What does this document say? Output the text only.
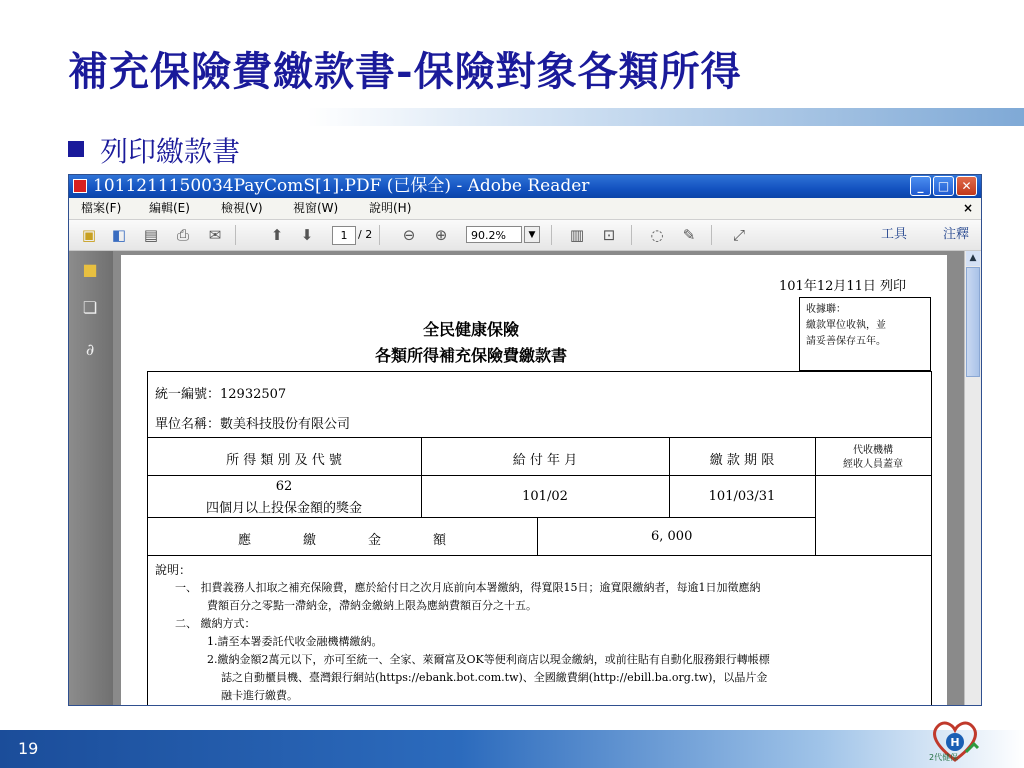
補充保險費繳款書-保險對象各類所得
列印繳款書
1011211150034PayComS[1].PDF (已保全) - Adobe Reader	_	□	✕
檔案(F) 編輯(E)	檢視(V)	視窗(W)	說明(H)	×
▣ ◧ ▤ ⎙ ✉	⬆ ⬇	1 / 2 ⊖ ⊕	90.2%	▼	▥ ⊡ ◌ ✎	⤢	工具	注釋
■
❏
∂
101年12月11日 列印
全民健康保險
各類所得補充保險費繳款書
收據聯：
繳款單位收執，並
請妥善保存五年。
統一編號：12932507
單位名稱：數美科技股份有限公司
所 得 類 別 及 代 號	給 付 年 月	繳 款 期 限
代收機構
經收人員蓋章
62
四個月以上投保金額的獎金
101/02	101/03/31
應　　　　繳　　　　金　　　　額	6, 000
說明：
一、 扣費義務人扣取之補充保險費，應於給付日之次月底前向本署繳納，得寬限15日；逾寬限繳納者，每逾1日加徵應納
費額百分之零點一滯納金，滯納金繳納上限為應納費額百分之十五。
二、 繳納方式：
1.請至本署委託代收金融機構繳納。
2.繳納金額2萬元以下，亦可至統一、全家、萊爾富及OK等便利商店以現金繳納，或前往貼有自動化服務銀行轉帳標
誌之自動櫃員機、臺灣銀行網站(https://ebank.bot.com.tw)、全國繳費網(http://ebill.ba.org.tw)，以晶片金
融卡進行繳費。
▲
19	H
2代健保
